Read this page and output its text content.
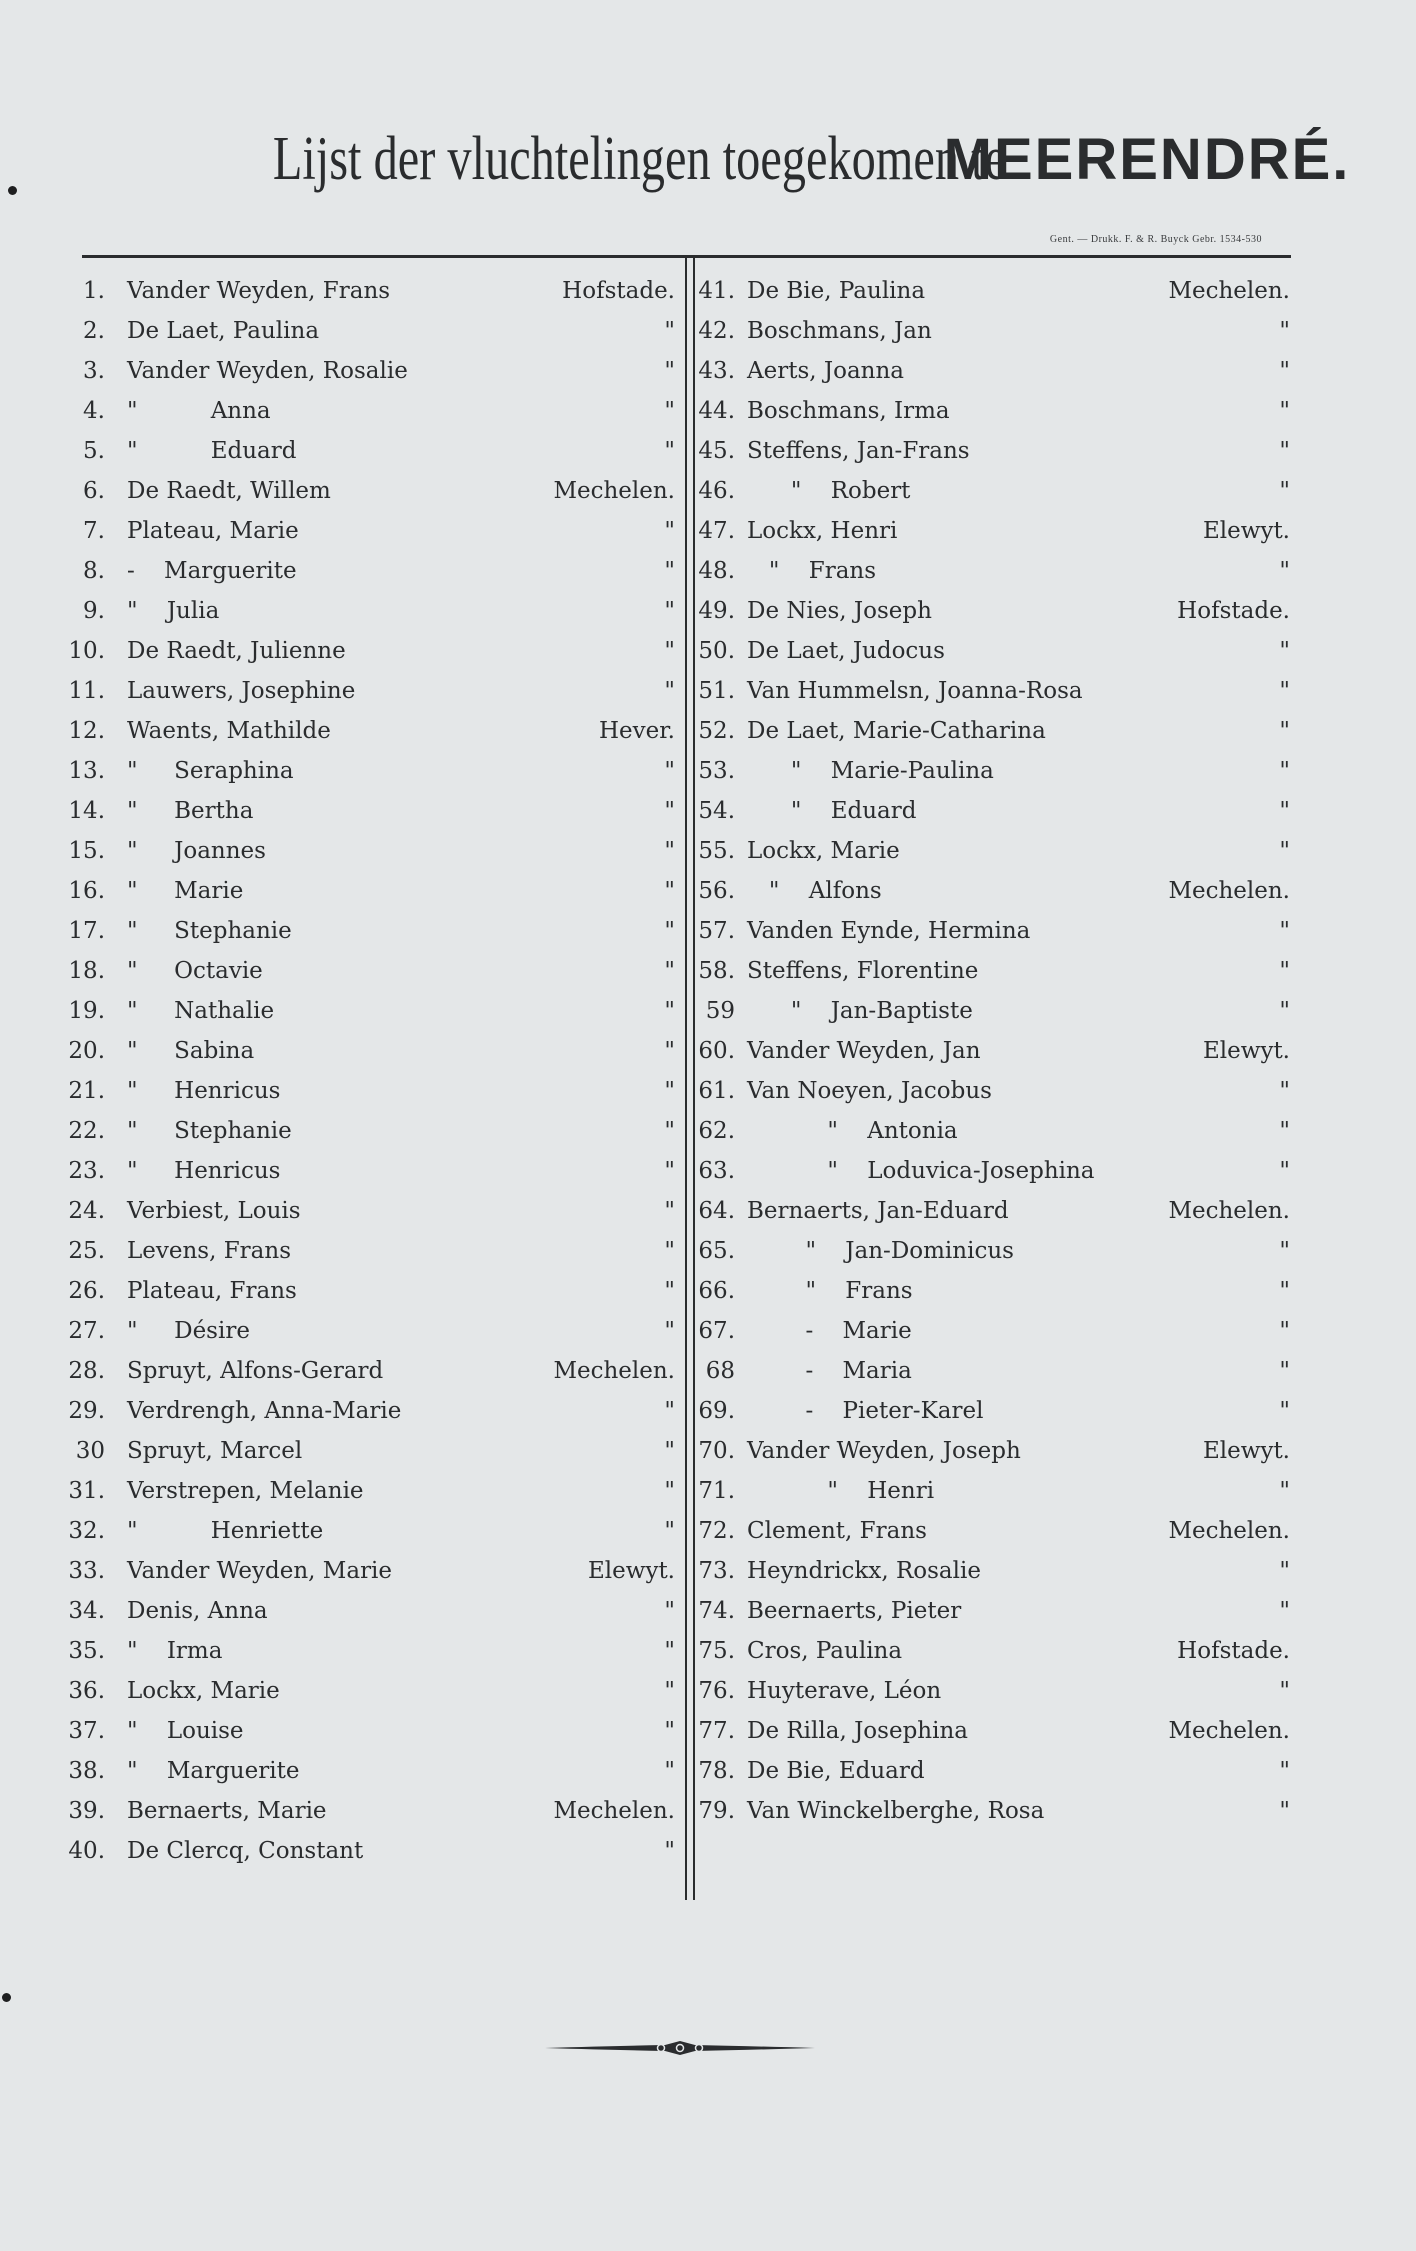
Lijst der vluchtelingen toegekomen teMEERENDRÉ.
Gent. — Drukk. F. & R. Buyck Gebr. 1534-530
1. Vander Weyden, Frans	Hofstade.
2. De Laet, Paulina	"
3. Vander Weyden, Rosalie	"
4. "          Anna	"
5. "          Eduard	"
6. De Raedt, Willem	Mechelen.
7. Plateau, Marie	"
8. -    Marguerite	"
9. "    Julia	"
10. De Raedt, Julienne	"
11. Lauwers, Josephine	"
12. Waents, Mathilde	Hever.
13. "     Seraphina	"
14. "     Bertha	"
15. "     Joannes	"
16. "     Marie	"
17. "     Stephanie	"
18. "     Octavie	"
19. "     Nathalie	"
20. "     Sabina	"
21. "     Henricus	"
22. "     Stephanie	"
23. "     Henricus	"
24. Verbiest, Louis	"
25. Levens, Frans	"
26. Plateau, Frans	"
27. "     Désire	"
28. Spruyt, Alfons-Gerard	Mechelen.
29. Verdrengh, Anna-Marie	"
30 Spruyt, Marcel	"
31. Verstrepen, Melanie	"
32. "          Henriette	"
33. Vander Weyden, Marie	Elewyt.
34. Denis, Anna	"
35. "    Irma	"
36. Lockx, Marie	"
37. "    Louise	"
38. "    Marguerite	"
39. Bernaerts, Marie	Mechelen.
40. De Clercq, Constant	"
41. De Bie, Paulina	Mechelen.
42. Boschmans, Jan	"
43. Aerts, Joanna	"
44. Boschmans, Irma	"
45. Steffens, Jan-Frans	"
46. "    Robert	"
47. Lockx, Henri	Elewyt.
48. "    Frans	"
49. De Nies, Joseph	Hofstade.
50. De Laet, Judocus	"
51. Van Hummelsn, Joanna-Rosa	"
52. De Laet, Marie-Catharina	"
53. "    Marie-Paulina	"
54. "    Eduard	"
55. Lockx, Marie	"
56. "    Alfons	Mechelen.
57. Vanden Eynde, Hermina	"
58. Steffens, Florentine	"
59 "    Jan-Baptiste	"
60. Vander Weyden, Jan	Elewyt.
61. Van Noeyen, Jacobus	"
62. "    Antonia	"
63. "    Loduvica-Josephina	"
64. Bernaerts, Jan-Eduard	Mechelen.
65. "    Jan-Dominicus	"
66. "    Frans	"
67. -    Marie	"
68 -    Maria	"
69. -    Pieter-Karel	"
70. Vander Weyden, Joseph	Elewyt.
71. "    Henri	"
72. Clement, Frans	Mechelen.
73. Heyndrickx, Rosalie	"
74. Beernaerts, Pieter	"
75. Cros, Paulina	Hofstade.
76. Huyterave, Léon	"
77. De Rilla, Josephina	Mechelen.
78. De Bie, Eduard	"
79. Van Winckelberghe, Rosa	"
